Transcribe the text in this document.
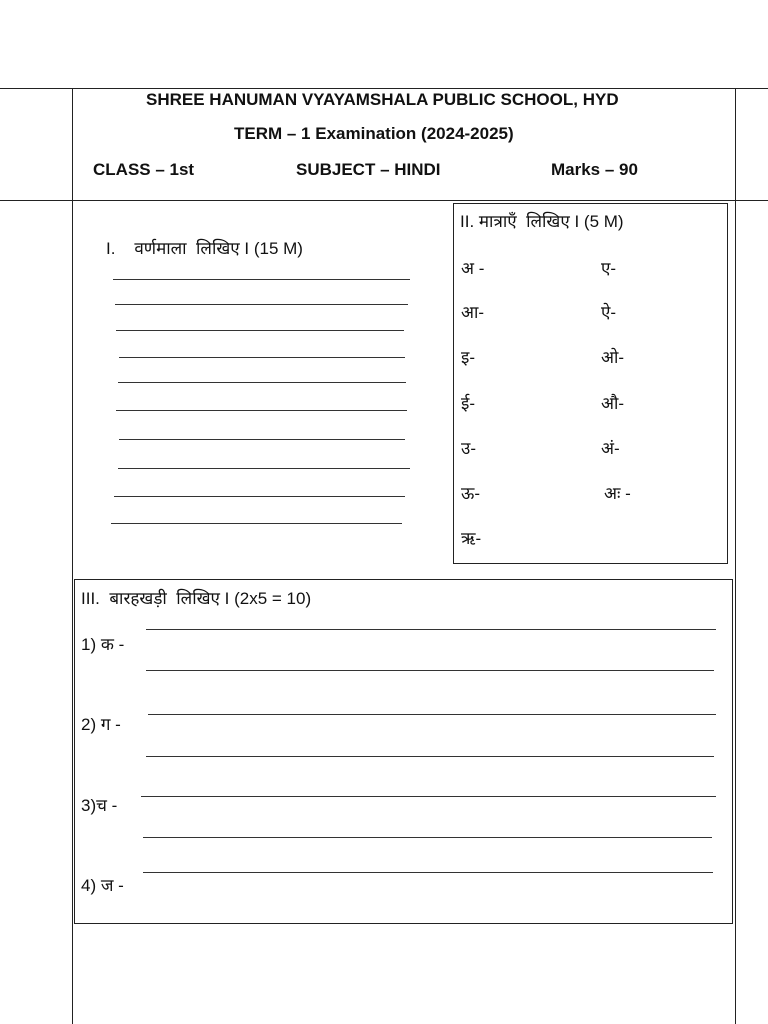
SHREE HANUMAN VYAYAMSHALA PUBLIC SCHOOL, HYD
TERM – 1 Examination (2024-2025)
CLASS – 1st	SUBJECT – HINDI	Marks – 90
I.    वर्णमाला  लिखिए I (15 M)
II. मात्राएँ  लिखिए I (5 M)
अ -
आ-
इ-
ई-
उ-
ऊ-
ऋ-
ए-
ऐ-
ओ-
औ-
अं-
अः -
III.  बारहखड़ी  लिखिए I (2x5 = 10)
1) क -
2) ग -
3)च -
4) ज -
